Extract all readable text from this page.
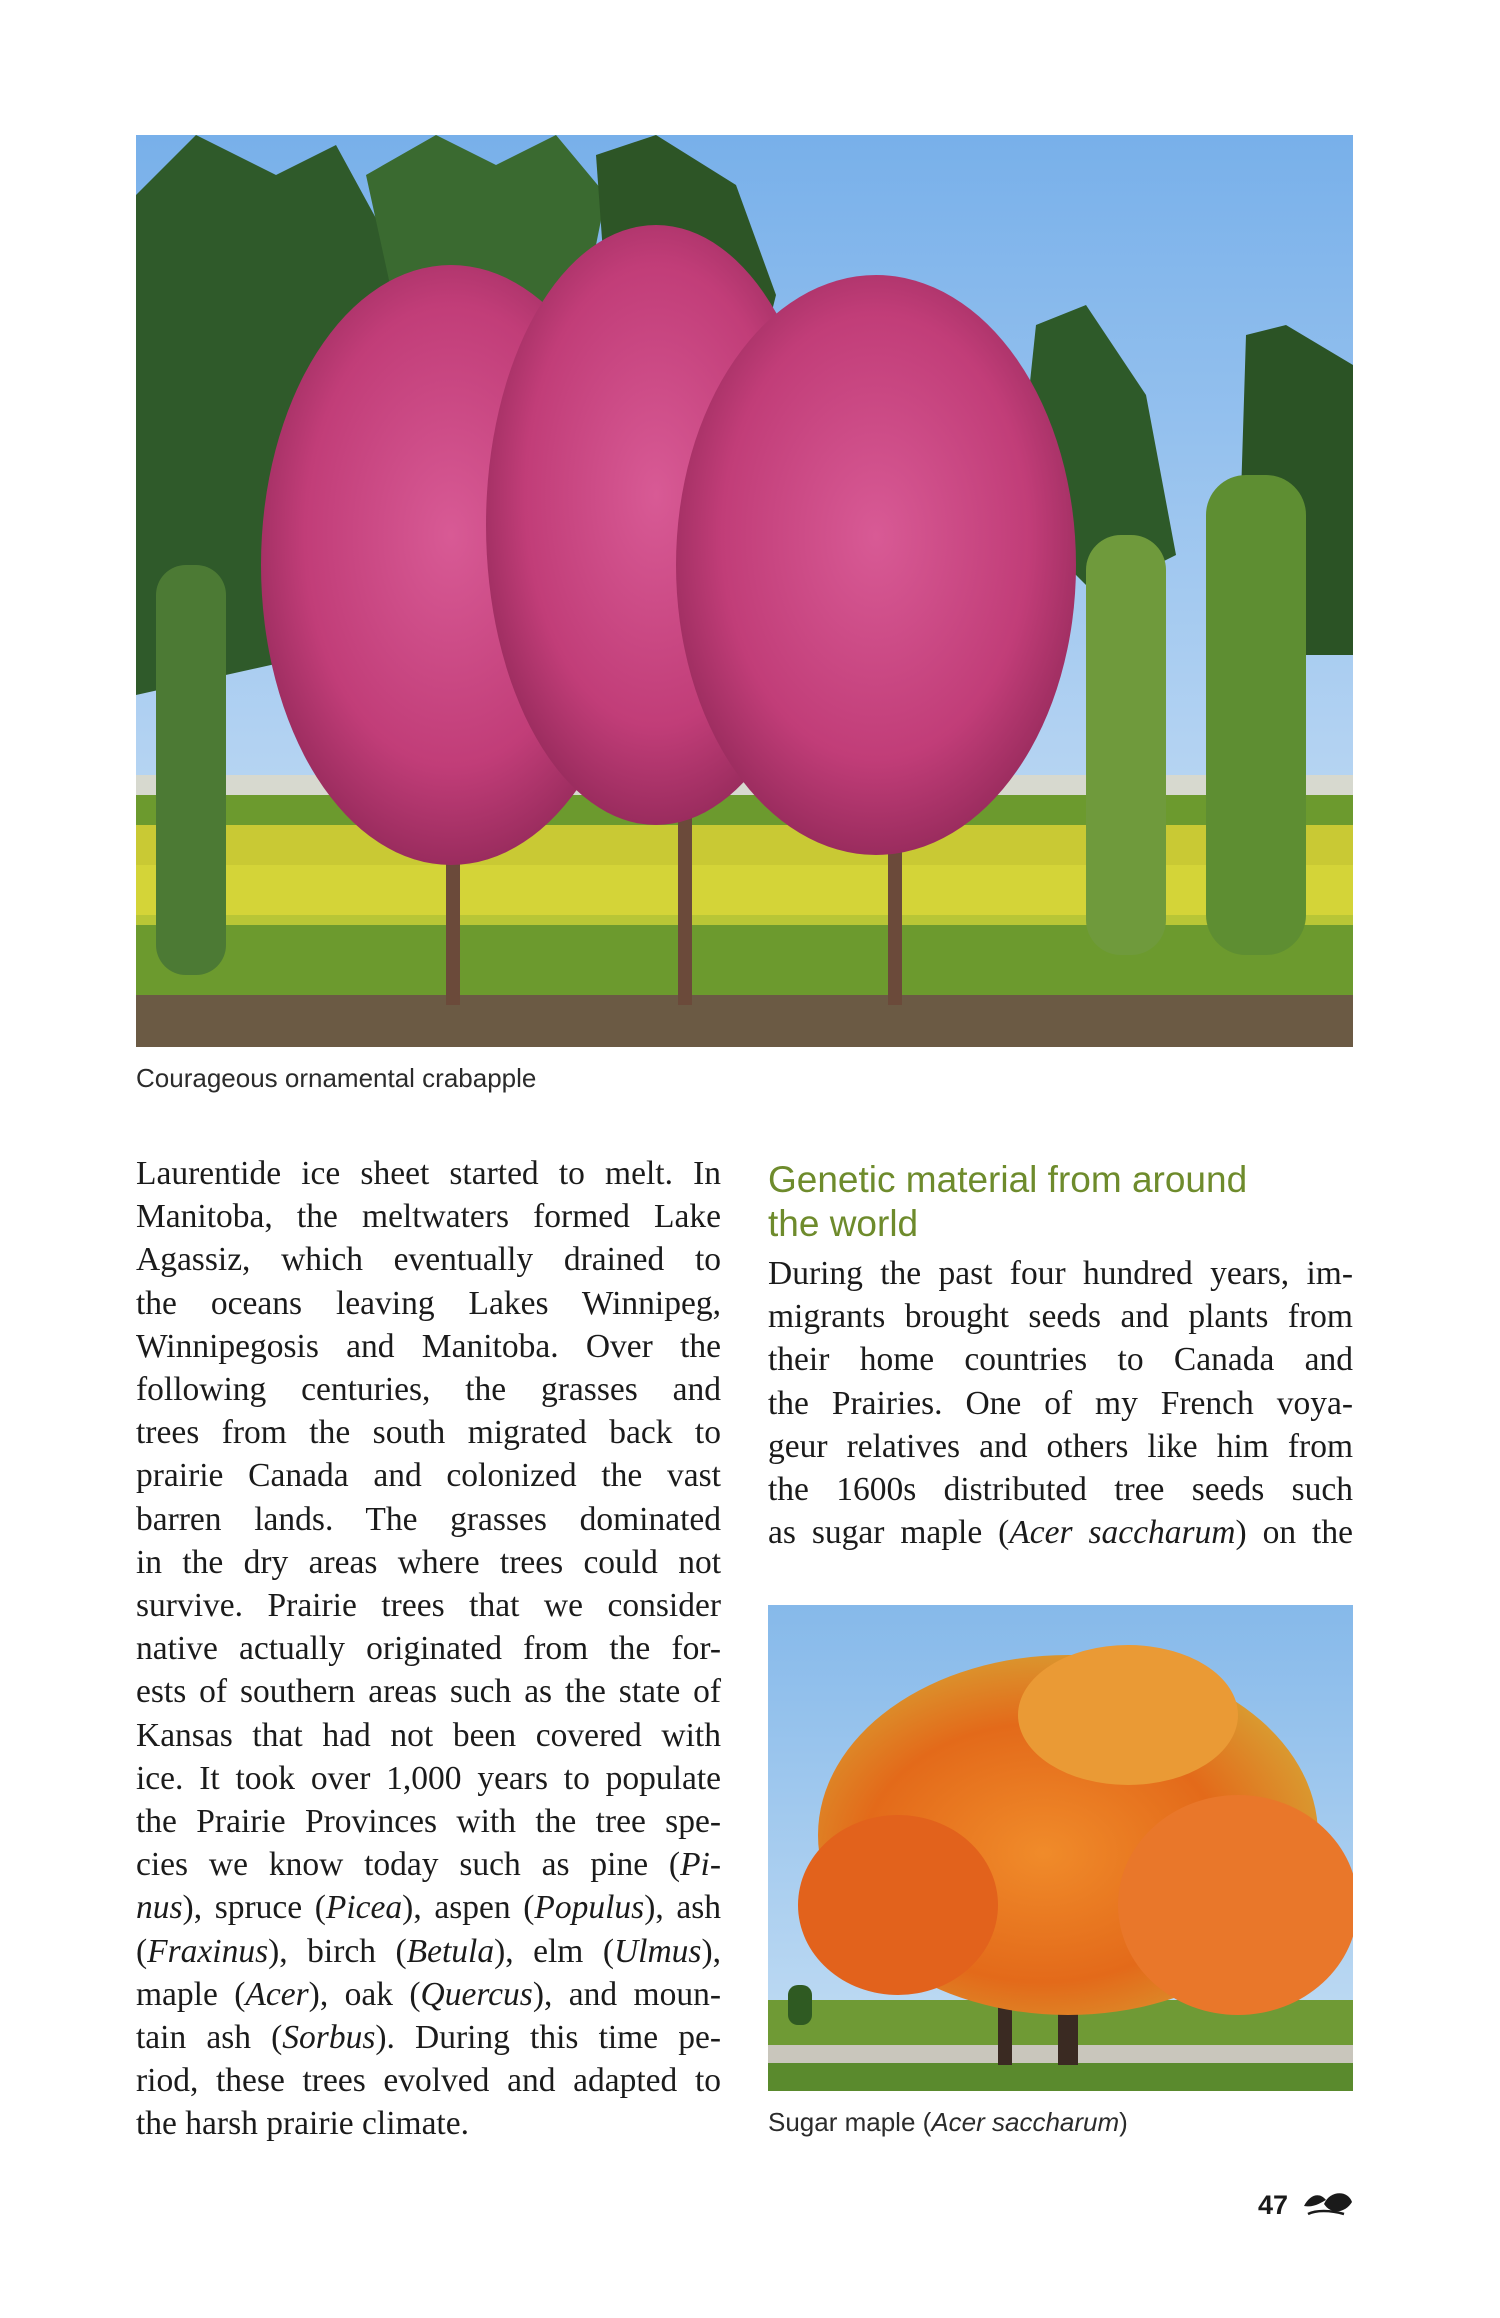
Courageous ornamental crabapple
Laurentide ice sheet started to melt. In
Manitoba, the meltwaters formed Lake
Agassiz, which eventually drained to
the oceans leaving Lakes Winnipeg,
Winnipegosis and Manitoba. Over the
following centuries, the grasses and
trees from the south migrated back to
prairie Canada and colonized the vast
barren lands. The grasses dominated
in the dry areas where trees could not
survive. Prairie trees that we consider
native actually originated from the for-
ests of southern areas such as the state of
Kansas that had not been covered with
ice. It took over 1,000 years to populate
the Prairie Provinces with the tree spe-
cies we know today such as pine (Pi-
nus), spruce (Picea), aspen (Populus), ash
(Fraxinus), birch (Betula), elm (Ulmus),
maple (Acer), oak (Quercus), and moun-
tain ash (Sorbus). During this time pe-
riod, these trees evolved and adapted to
the harsh prairie climate.
Genetic material from around
the world
During the past four hundred years, im-
migrants brought seeds and plants from
their home countries to Canada and
the Prairies. One of my French voya-
geur relatives and others like him from
the 1600s distributed tree seeds such
as sugar maple (Acer saccharum) on the
Sugar maple (Acer saccharum)
47
